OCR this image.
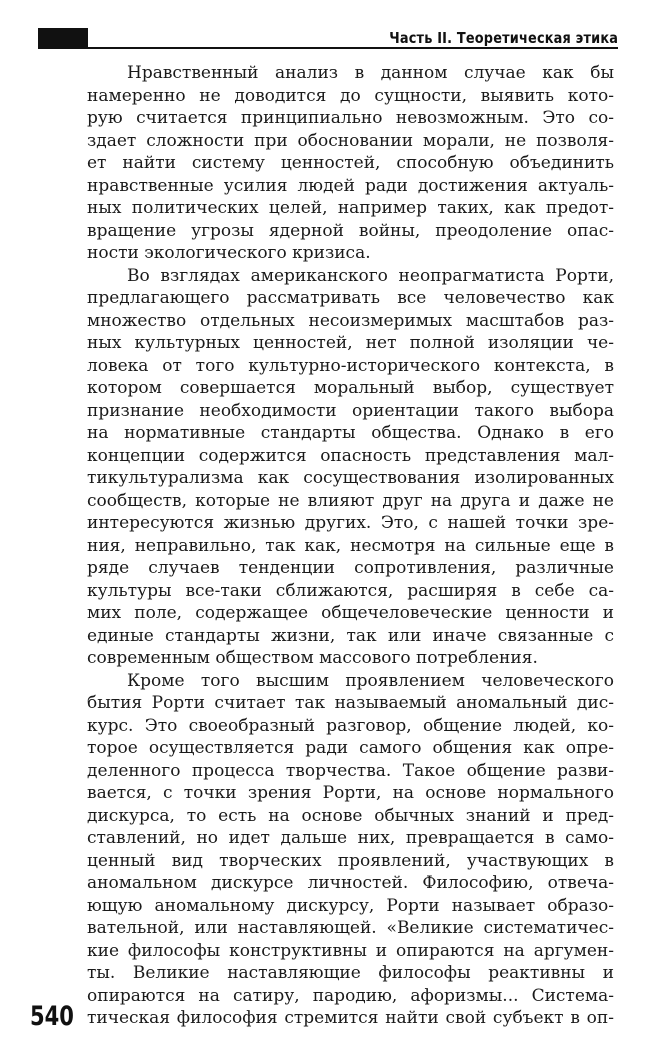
Часть II. Теоретическая этика
Нравственный анализ в данном случае как бы
намеренно не доводится до сущности, выявить кото-
рую считается принципиально невозможным. Это со-
здает сложности при обосновании морали, не позволя-
ет найти систему ценностей, способную объединить
нравственные усилия людей ради достижения актуаль-
ных политических целей, например таких, как предот-
вращение угрозы ядерной войны, преодоление опас-
ности экологического кризиса.
Во взглядах американского неопрагматиста Рорти,
предлагающего рассматривать все человечество как
множество отдельных несоизмеримых масштабов раз-
ных культурных ценностей, нет полной изоляции че-
ловека от того культурно-исторического контекста, в
котором совершается моральный выбор, существует
признание необходимости ориентации такого выбора
на нормативные стандарты общества. Однако в его
концепции содержится опасность представления мал-
тикультурализма как сосуществования изолированных
сообществ, которые не влияют друг на друга и даже не
интересуются жизнью других. Это, с нашей точки зре-
ния, неправильно, так как, несмотря на сильные еще в
ряде случаев тенденции сопротивления, различные
культуры все-таки сближаются, расширяя в себе са-
мих поле, содержащее общечеловеческие ценности и
единые стандарты жизни, так или иначе связанные с
современным обществом массового потребления.
Кроме того высшим проявлением человеческого
бытия Рорти считает так называемый аномальный дис-
курс. Это своеобразный разговор, общение людей, ко-
торое осуществляется ради самого общения как опре-
деленного процесса творчества. Такое общение разви-
вается, с точки зрения Рорти, на основе нормального
дискурса, то есть на основе обычных знаний и пред-
ставлений, но идет дальше них, превращается в само-
ценный вид творческих проявлений, участвующих в
аномальном дискурсе личностей. Философию, отвеча-
ющую аномальному дискурсу, Рорти называет образо-
вательной, или наставляющей. «Великие систематичес-
кие философы конструктивны и опираются на аргумен-
ты. Великие наставляющие философы реактивны и
опираются на сатиру, пародию, афоризмы... Система-
тическая философия стремится найти свой субъект в оп-
540
